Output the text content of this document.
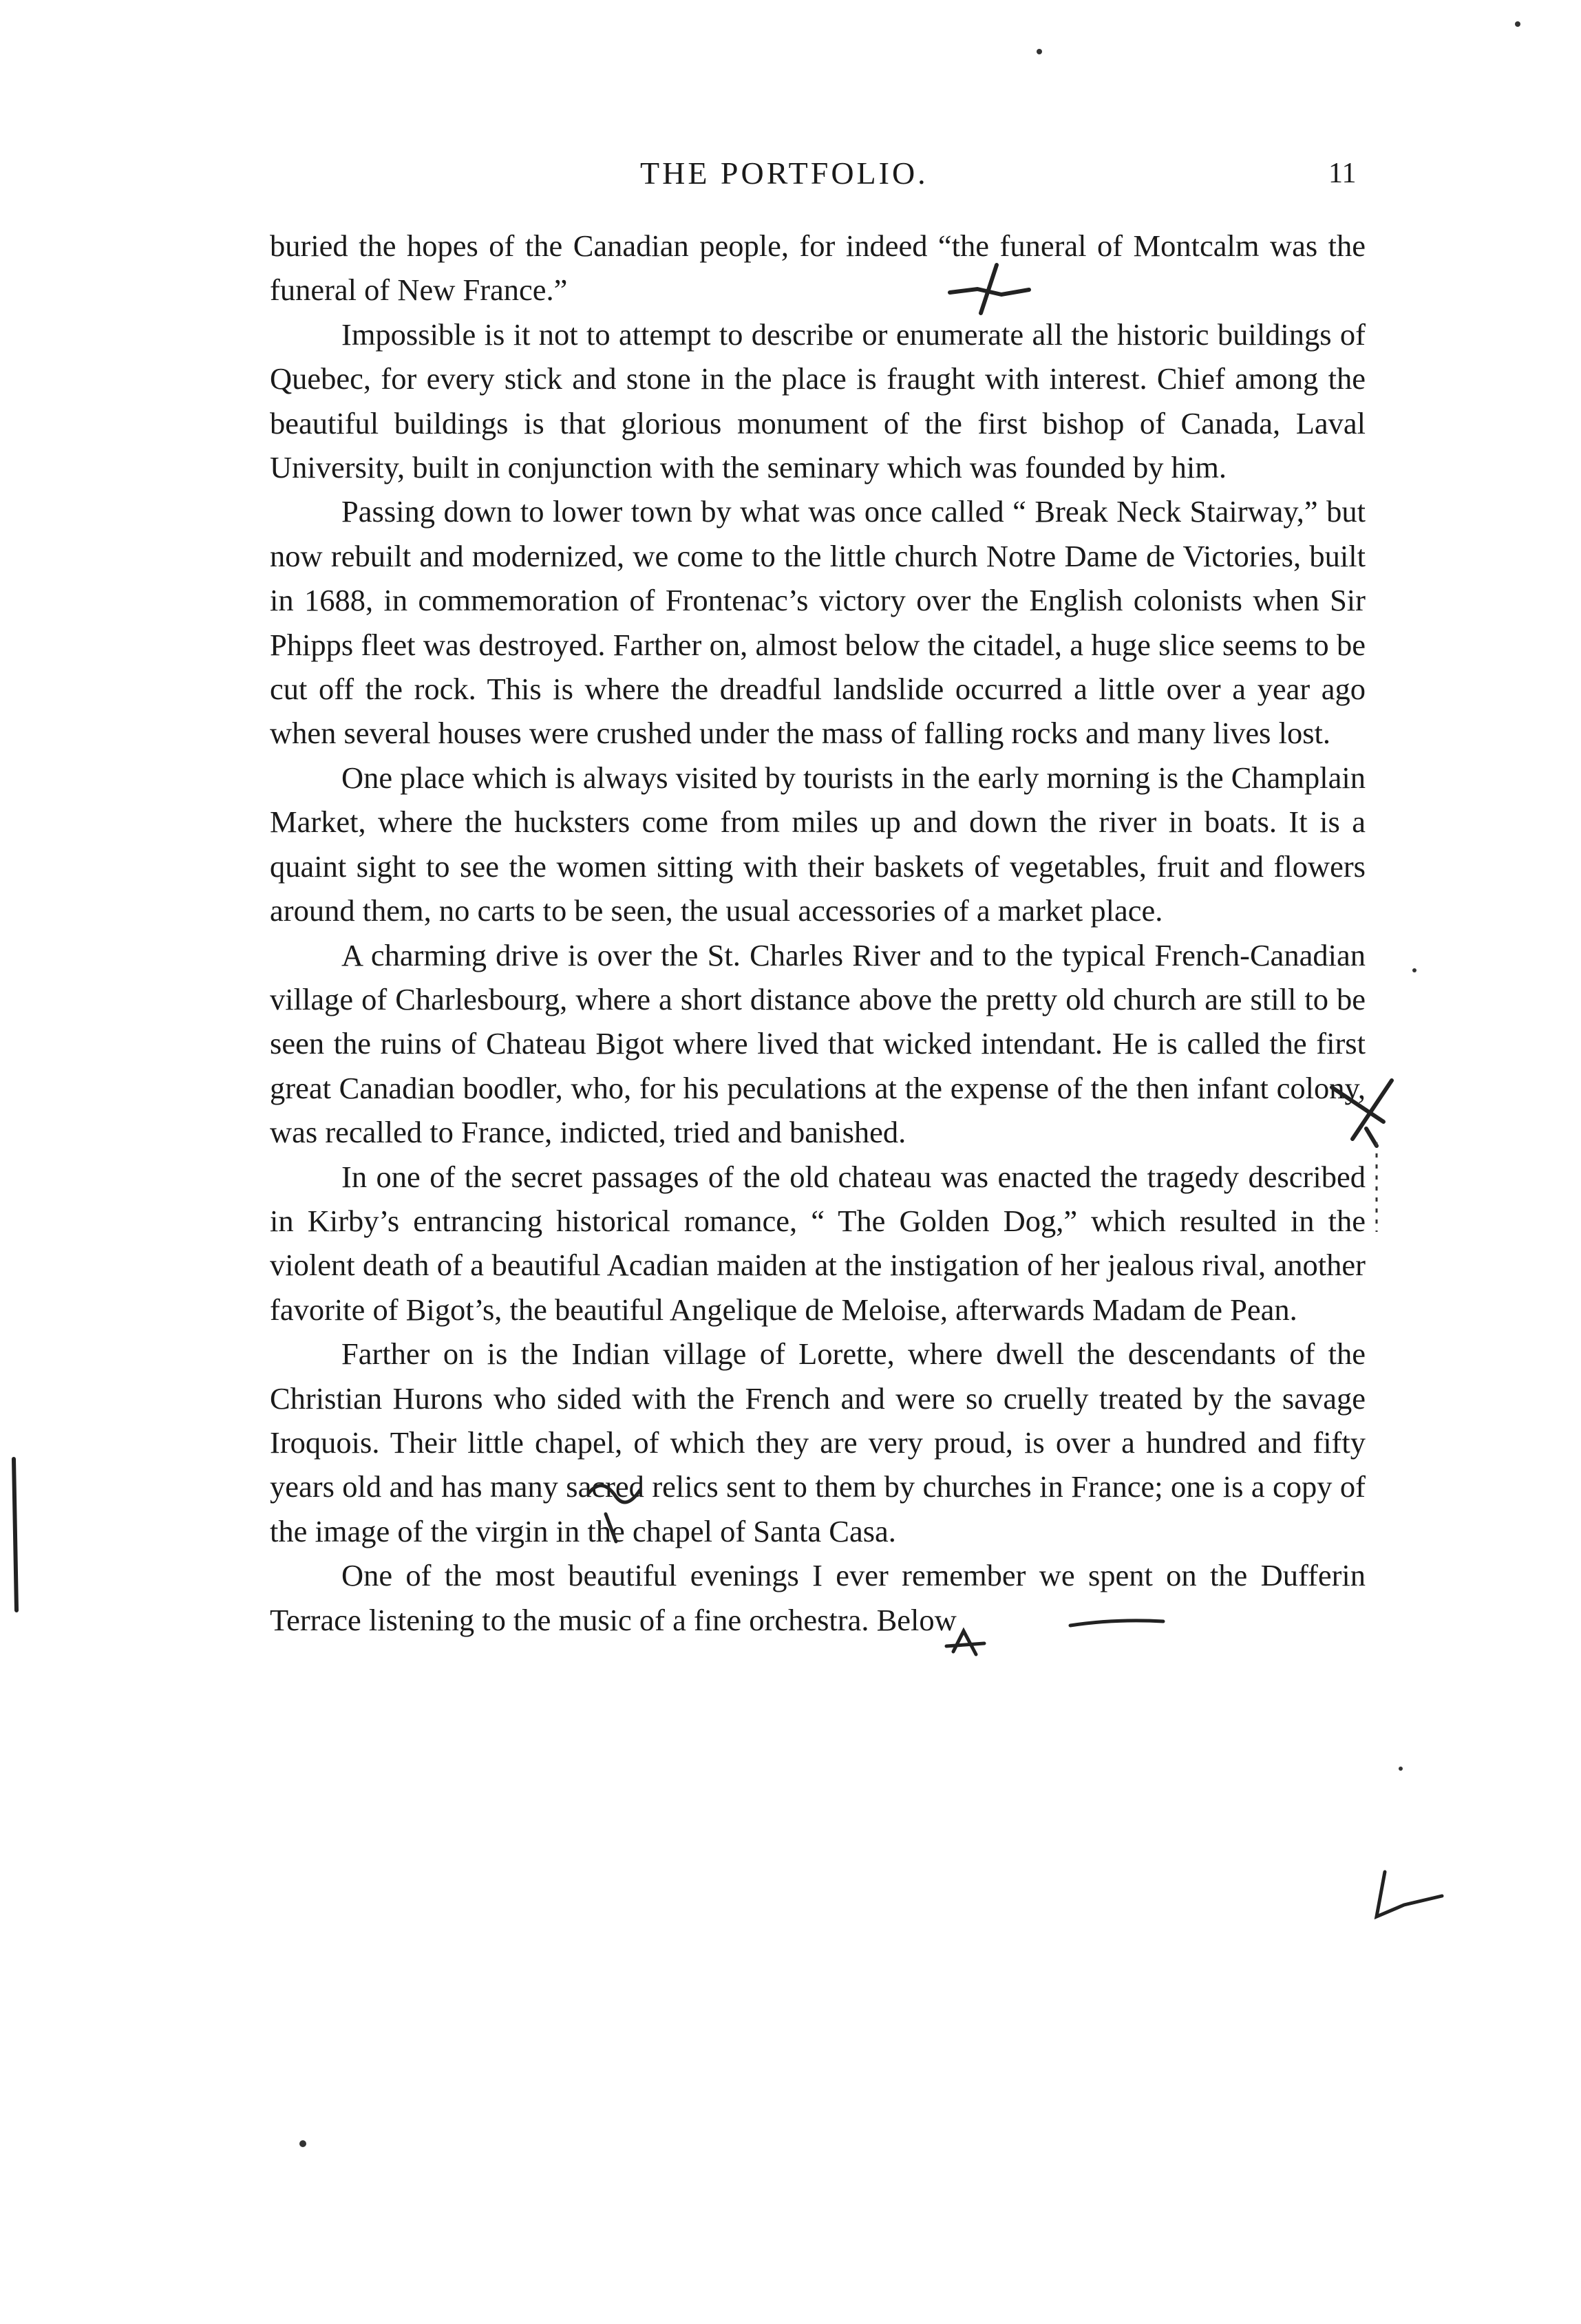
THE PORTFOLIO.	11

buried the hopes of the Canadian people, for indeed “the funeral of Montcalm was the funeral of New France.”

Impossible is it not to attempt to describe or enumerate all the historic buildings of Quebec, for every stick and stone in the place is fraught with interest. Chief among the beautiful buildings is that glorious monument of the first bishop of Canada, Laval University, built in conjunction with the seminary which was founded by him.

Passing down to lower town by what was once called “ Break Neck Stairway,” but now rebuilt and modernized, we come to the little church Notre Dame de Victories, built in 1688, in commemoration of Frontenac’s victory over the English colonists when Sir Phipps fleet was destroyed. Farther on, almost below the citadel, a huge slice seems to be cut off the rock. This is where the dreadful landslide occurred a little over a year ago when several houses were crushed under the mass of falling rocks and many lives lost.

One place which is always visited by tourists in the early morning is the Champlain Market, where the hucksters come from miles up and down the river in boats. It is a quaint sight to see the women sitting with their baskets of vegetables, fruit and flowers around them, no carts to be seen, the usual accessories of a market place.

A charming drive is over the St. Charles River and to the typical French-Canadian village of Charlesbourg, where a short distance above the pretty old church are still to be seen the ruins of Chateau Bigot where lived that wicked intendant. He is called the first great Canadian boodler, who, for his peculations at the expense of the then infant colony, was recalled to France, indicted, tried and banished.

In one of the secret passages of the old chateau was enacted the tragedy described in Kirby’s entrancing historical romance, “ The Golden Dog,” which resulted in the violent death of a beautiful Acadian maiden at the instigation of her jealous rival, another favorite of Bigot’s, the beautiful Angelique de Meloise, afterwards Madam de Pean.

Farther on is the Indian village of Lorette, where dwell the descendants of the Christian Hurons who sided with the French and were so cruelly treated by the savage Iroquois. Their little chapel, of which they are very proud, is over a hundred and fifty years old and has many sacred relics sent to them by churches in France; one is a copy of the image of the virgin in the chapel of Santa Casa.

One of the most beautiful evenings I ever remember we spent on the Dufferin Terrace listening to the music of a fine orchestra. Below
